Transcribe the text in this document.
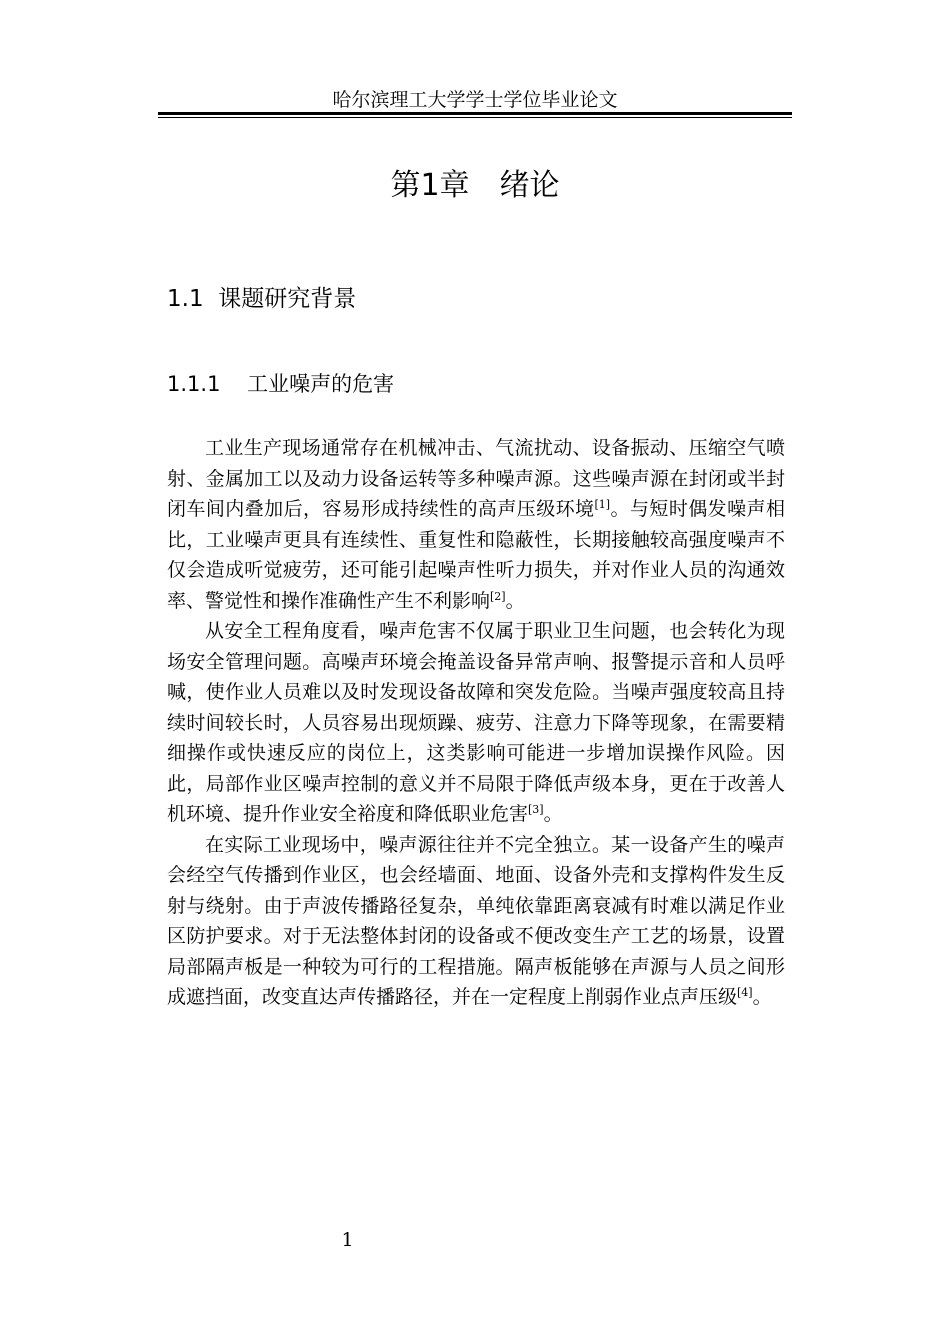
哈尔滨理工大学学士学位毕业论文
第1章　绪论
1.1  课题研究背景
1.1.1    工业噪声的危害

工业生产现场通常存在机械冲击、气流扰动、设备振动、压缩空气喷射、金属加工以及动力设备运转等多种噪声源。这些噪声源在封闭或半封闭车间内叠加后，容易形成持续性的高声压级环境[1]。与短时偶发噪声相比，工业噪声更具有连续性、重复性和隐蔽性，长期接触较高强度噪声不仅会造成听觉疲劳，还可能引起噪声性听力损失，并对作业人员的沟通效率、警觉性和操作准确性产生不利影响[2]。

从安全工程角度看，噪声危害不仅属于职业卫生问题，也会转化为现场安全管理问题。高噪声环境会掩盖设备异常声响、报警提示音和人员呼喊，使作业人员难以及时发现设备故障和突发危险。当噪声强度较高且持续时间较长时，人员容易出现烦躁、疲劳、注意力下降等现象，在需要精细操作或快速反应的岗位上，这类影响可能进一步增加误操作风险。因此，局部作业区噪声控制的意义并不局限于降低声级本身，更在于改善人机环境、提升作业安全裕度和降低职业危害[3]。

在实际工业现场中，噪声源往往并不完全独立。某一设备产生的噪声会经空气传播到作业区，也会经墙面、地面、设备外壳和支撑构件发生反射与绕射。由于声波传播路径复杂，单纯依靠距离衰减有时难以满足作业区防护要求。对于无法整体封闭的设备或不便改变生产工艺的场景，设置局部隔声板是一种较为可行的工程措施。隔声板能够在声源与人员之间形成遮挡面，改变直达声传播路径，并在一定程度上削弱作业点声压级[4]。

1
